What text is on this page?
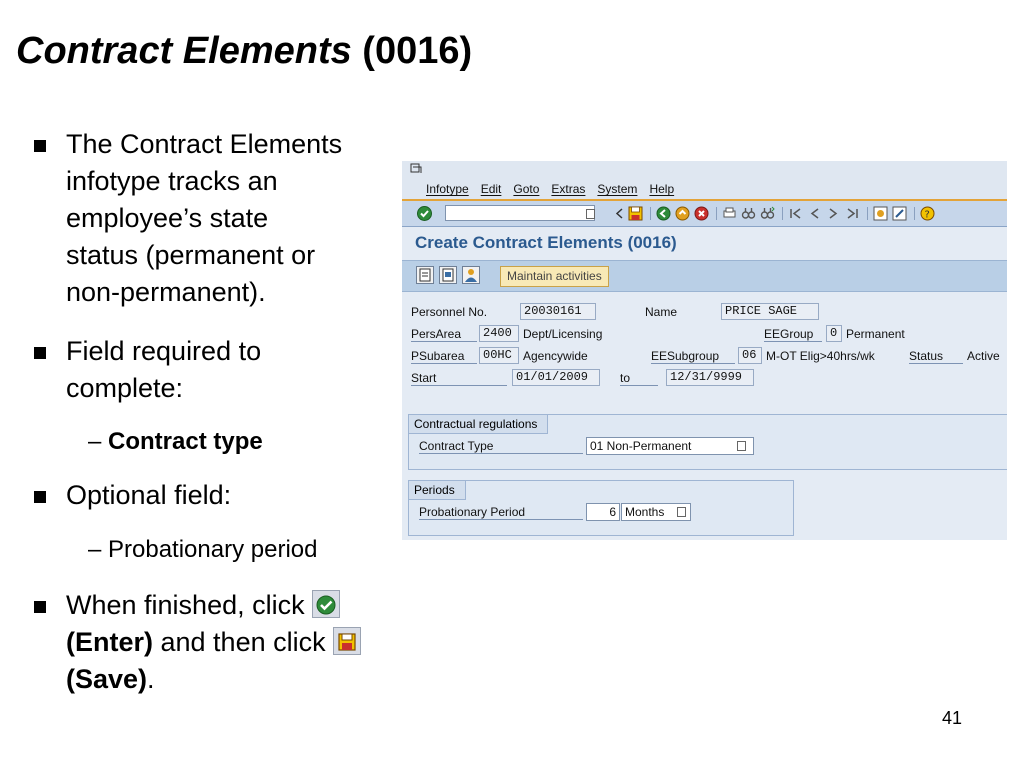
Contract Elements (0016)
The Contract Elements
infotype tracks an
employee’s state
status (permanent or
non-permanent).
Field required to
complete:
– Contract type
Optional field:
– Probationary period
When finished, click
(Enter) and then click
(Save).
41
Infotype Edit Goto Extras System Help
?
Create Contract Elements (0016)
Maintain activities
Personnel No.	20030161	Name	PRICE SAGE
PersArea	2400 Dept/Licensing	EEGroup	0 Permanent
PSubarea	00HC Agencywide	EESubgroup	06 M-OT Elig>40hrs/wk	Status	Active
Start	01/01/2009	to	12/31/9999
Contractual regulations
Contract Type	01 Non-Permanent
Periods
Probationary Period	6 Months
